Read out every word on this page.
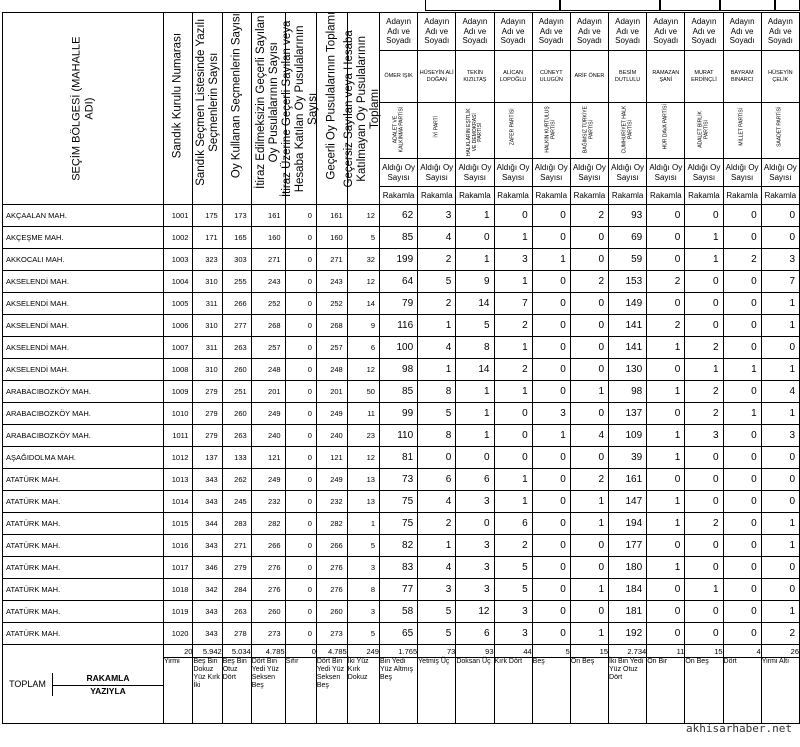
SEÇİM BÖLGESİ (MAHALLE ADI)	Sandık Kurulu Numarası	Sandık Seçmen Listesinde Yazılı Seçmenlerin Sayısı	Oy Kullanan Seçmenlerin Sayısı	İtiraz Edilmeksizin Geçerli Sayılan Oy Pusulalarının Sayısı	İtiraz Üzerine Geçerli Sayılan veya Hesaba Katılan Oy Pusulalarının Sayısı	Geçerli Oy Pusulalarının Toplamı	Geçersiz Sayılan veya Hesaba Katılmayan Oy Pusulalarının Toplamı	Adayın Adı ve Soyadı	Adayın Adı ve Soyadı	Adayın Adı ve Soyadı	Adayın Adı ve Soyadı	Adayın Adı ve Soyadı	Adayın Adı ve Soyadı	Adayın Adı ve Soyadı	Adayın Adı ve Soyadı	Adayın Adı ve Soyadı	Adayın Adı ve Soyadı	Adayın Adı ve Soyadı
								ÖMER IŞIK	HÜSEYİN ALİ DOĞAN	TEKİN KIZILTAŞ	ALİCAN LOPOĞLU	CÜNEYT ULUGÜN	ARİF ÖNER	BESİM DUTLULU	RAMAZAN ŞANİ	MURAT ERDİNÇLİ	BAYRAM BINARCI	HÜSEYİN ÇELİK

								ADALET VE KALKINMA PARTİSİ	İYİ PARTİ	HALKLARIN EŞİTLİK VE DEMOKRASİ PARTİSİ	ZAFER PARTİSİ	HALKIN KURTULUŞ PARTİSİ	BAĞIMSIZ TÜRKİYE PARTİSİ	CUMHURİYET HALK PARTİSİ	HÜR DAVA PARTİSİ	ADALET BİRLİK PARTİSİ	MİLLET PARTİSİ	SAADET PARTİSİ

								Aldığı Oy Sayısı	Aldığı Oy Sayısı	Aldığı Oy Sayısı	Aldığı Oy Sayısı	Aldığı Oy Sayısı	Aldığı Oy Sayısı	Aldığı Oy Sayısı	Aldığı Oy Sayısı	Aldığı Oy Sayısı	Aldığı Oy Sayısı	Aldığı Oy Sayısı
								Rakamla	Rakamla	Rakamla	Rakamla	Rakamla	Rakamla	Rakamla	Rakamla	Rakamla	Rakamla	Rakamla
AKÇAALAN MAH.	1001	175	173	161	0	161	12	62	3	1	0	0	2	93	0	0	0	0
AKÇEŞME MAH.	1002	171	165	160	0	160	5	85	4	0	1	0	0	69	0	1	0	0
AKKOCALI MAH.	1003	323	303	271	0	271	32	199	2	1	3	1	0	59	0	1	2	3
AKSELENDİ MAH.	1004	310	255	243	0	243	12	64	5	9	1	0	2	153	2	0	0	7
AKSELENDİ MAH.	1005	311	266	252	0	252	14	79	2	14	7	0	0	149	0	0	0	1
AKSELENDİ MAH.	1006	310	277	268	0	268	9	116	1	5	2	0	0	141	2	0	0	1
AKSELENDİ MAH.	1007	311	263	257	0	257	6	100	4	8	1	0	0	141	1	2	0	0
AKSELENDİ MAH.	1008	310	260	248	0	248	12	98	1	14	2	0	0	130	0	1	1	1
ARABACIBOZKÖY MAH.	1009	279	251	201	0	201	50	85	8	1	1	0	1	98	1	2	0	4
ARABACIBOZKÖY MAH.	1010	279	260	249	0	249	11	99	5	1	0	3	0	137	0	2	1	1
ARABACIBOZKÖY MAH.	1011	279	263	240	0	240	23	110	8	1	0	1	4	109	1	3	0	3
AŞAĞIDOLMA MAH.	1012	137	133	121	0	121	12	81	0	0	0	0	0	39	1	0	0	0
ATATÜRK MAH.	1013	343	262	249	0	249	13	73	6	6	1	0	2	161	0	0	0	0
ATATÜRK MAH.	1014	343	245	232	0	232	13	75	4	3	1	0	1	147	1	0	0	0
ATATÜRK MAH.	1015	344	283	282	0	282	1	75	2	0	6	0	1	194	1	2	0	1
ATATÜRK MAH.	1016	343	271	266	0	266	5	82	1	3	2	0	0	177	0	0	0	1
ATATÜRK MAH.	1017	346	279	276	0	276	3	83	4	3	5	0	0	180	1	0	0	0
ATATÜRK MAH.	1018	342	284	276	0	276	8	77	3	3	5	0	1	184	0	1	0	0
ATATÜRK MAH.	1019	343	263	260	0	260	3	58	5	12	3	0	0	181	0	0	0	1
ATATÜRK MAH.	1020	343	278	273	0	273	5	65	5	6	3	0	1	192	0	0	0	2

TOPLAM
RAKAMLA
YAZIYLA	20	5.942	5.034	4.785	0	4.785	249	1.765	73	93	44	5	15	2.734	11	15	4	26
	Yirmi	Beş Bin Dokuz Yüz Kırk İki	Beş Bin Otuz Dört	Dört Bin Yedi Yüz Seksen Beş	Sıfır	Dört Bin Yedi Yüz Seksen Beş	İki Yüz Kırk Dokuz	Bin Yedi Yüz Altmış Beş	Yetmiş Üç	Doksan Üç	Kırk Dört	Beş	On Beş	İki Bin Yedi Yüz Otuz Dört	On Bir	On Beş	Dört	Yirmi Altı
akhisarhaber.net
